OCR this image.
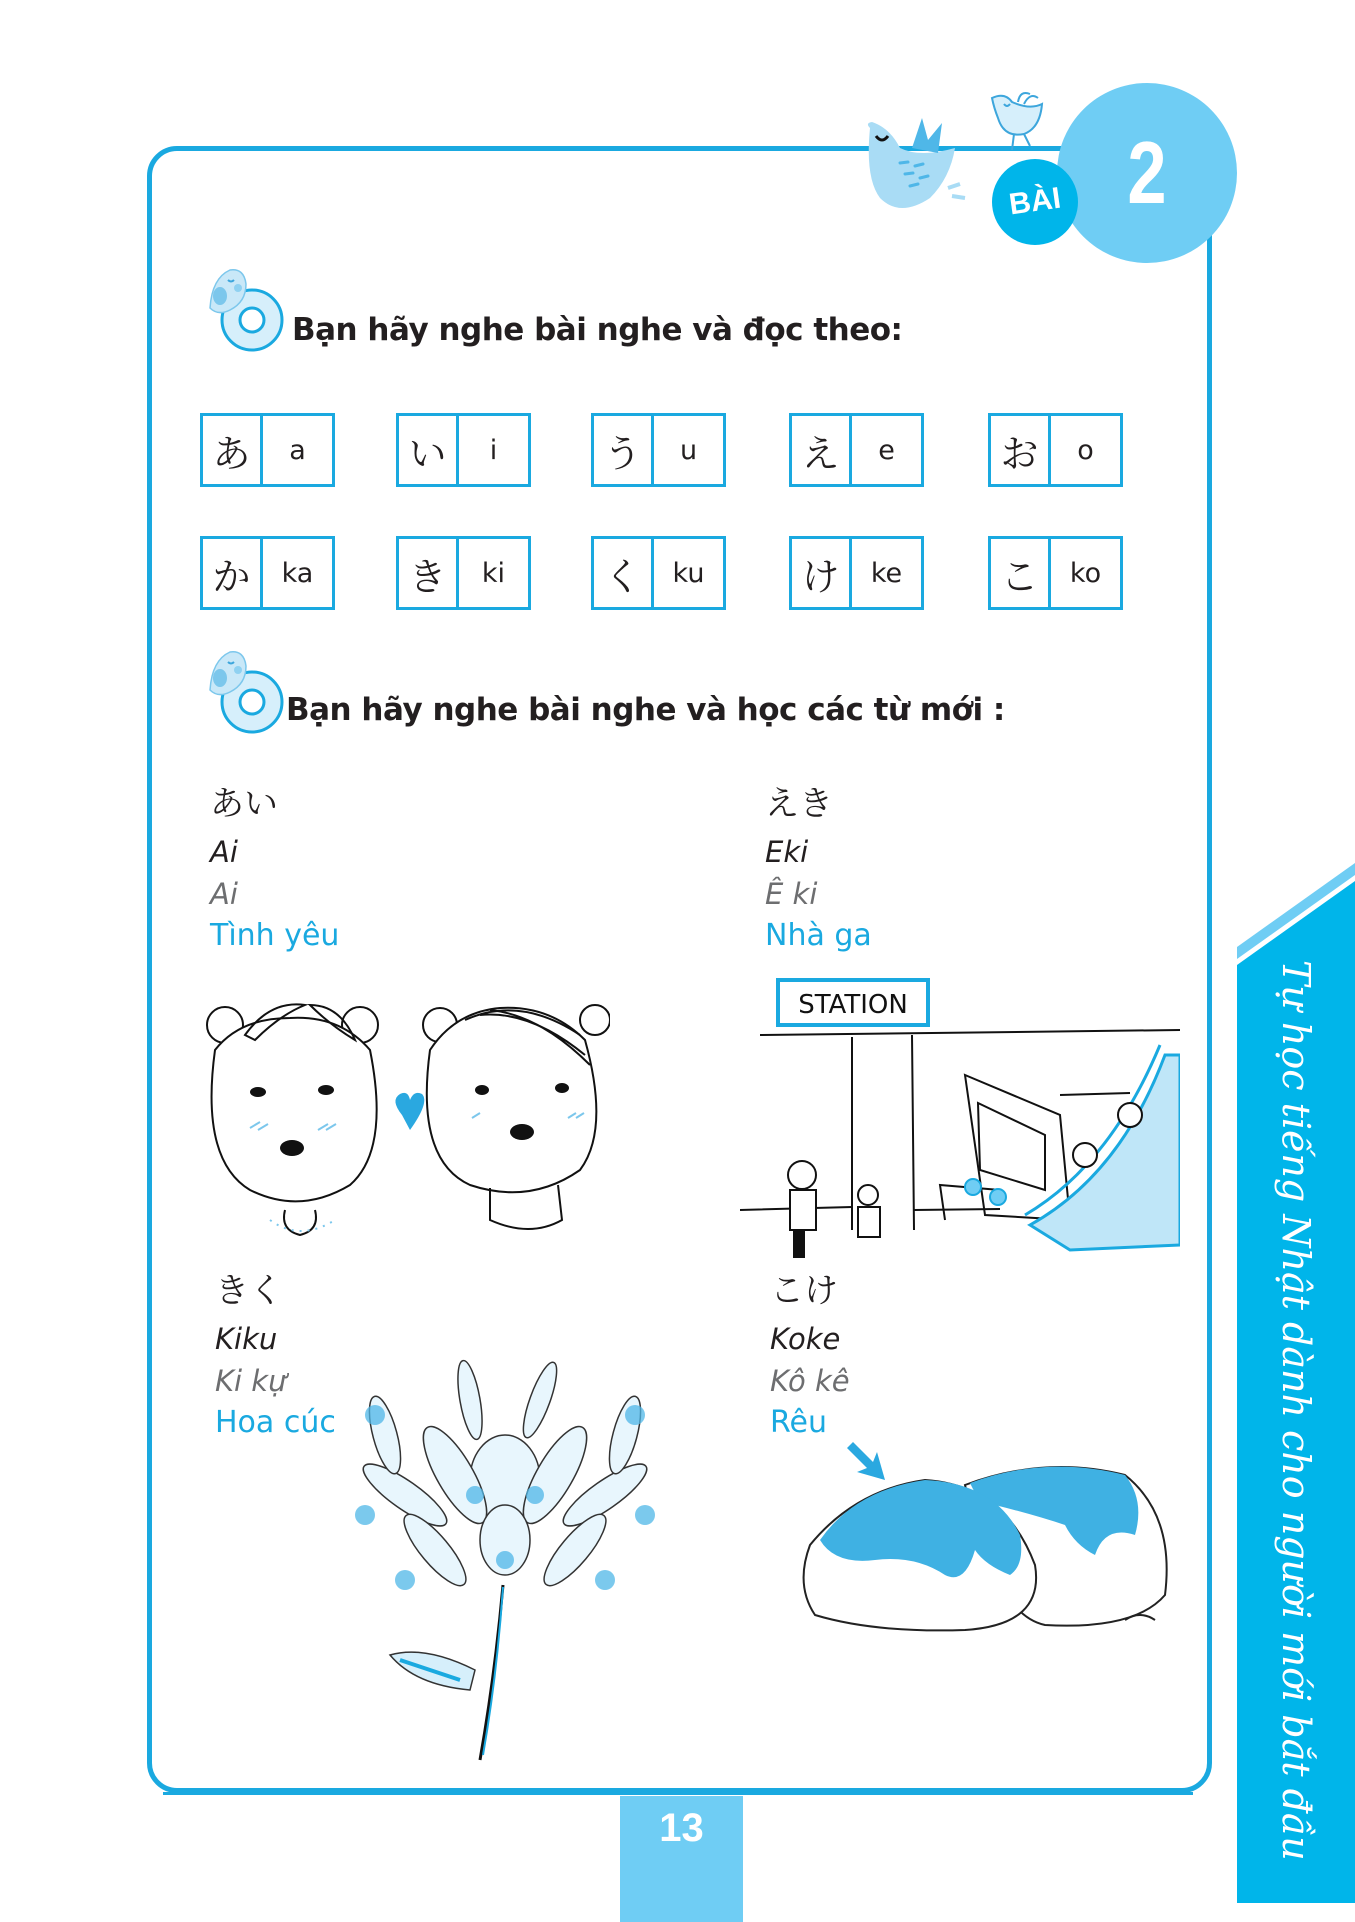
2
BÀI
Bạn hãy nghe bài nghe và đọc theo:
あ	a	い	i	う	u	え	e	お	o
か	ka	き	ki	く	ku	け	ke	こ	ko
Bạn hãy nghe bài nghe và học các từ mới :
あい
Ai
Ai
Tình yêu
えき
Eki
Ê ki
Nhà ga
STATION
きく
Kiku
Ki kự
Hoa cúc
こけ
Koke
Kô kê
Rêu	Tự học tiếng Nhật dành cho người mới bắt đầu
13
